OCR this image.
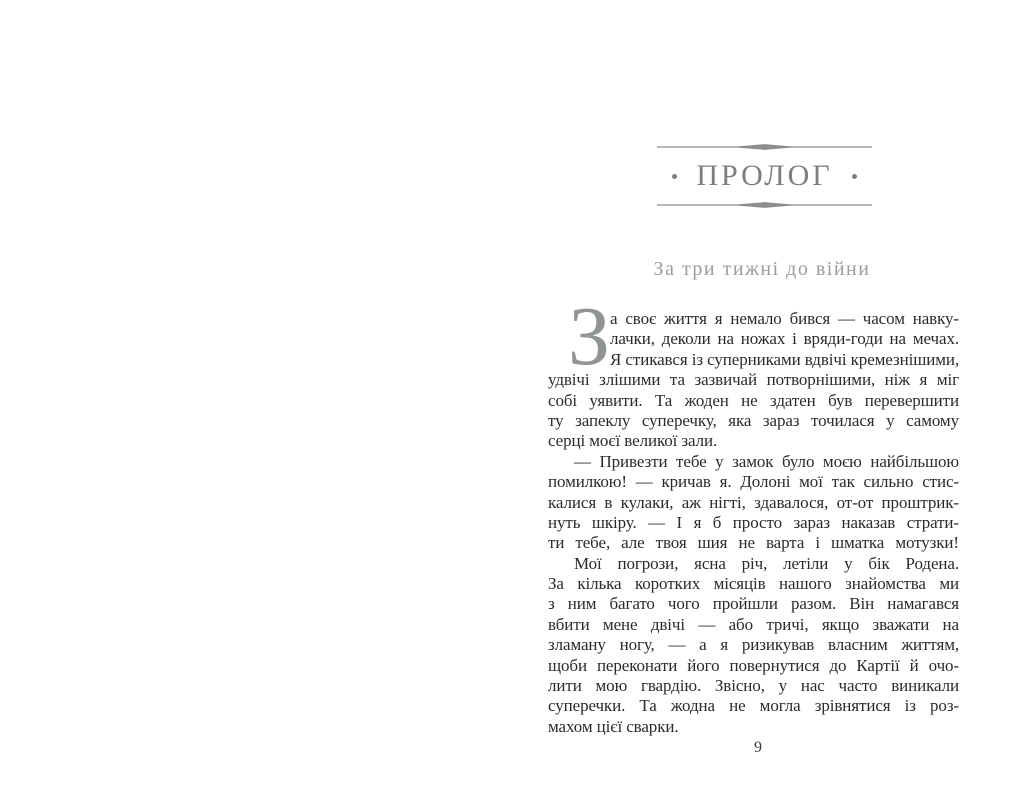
ПРОЛОГ
За три тижні до війни
З а своє життя я немало бився — часом навку-
лачки, деколи на ножах і вряди-годи на мечах.
Я стикався із суперниками вдвічі кремезнішими,
удвічі злішими та зазвичай потворнішими, ніж я міг
собі уявити. Та жоден не здатен був перевершити
ту запеклу суперечку, яка зараз точилася у самому
серці моєї великої зали.
— Привезти тебе у замок було моєю найбільшою
помилкою! — кричав я. Долоні мої так сильно стис-
калися в кулаки, аж нігті, здавалося, от-от проштрик-
нуть шкіру. — І я б просто зараз наказав страти-
ти тебе, але твоя шия не варта і шматка мотузки!
Мої погрози, ясна річ, летіли у бік Родена.
За кілька коротких місяців нашого знайомства ми
з ним багато чого пройшли разом. Він намагався
вбити мене двічі — або тричі, якщо зважати на
зламану ногу, — а я ризикував власним життям,
щоби переконати його повернутися до Картії й очо-
лити мою гвардію. Звісно, у нас часто виникали
суперечки. Та жодна не могла зрівнятися із роз-
махом цієї сварки.
9
